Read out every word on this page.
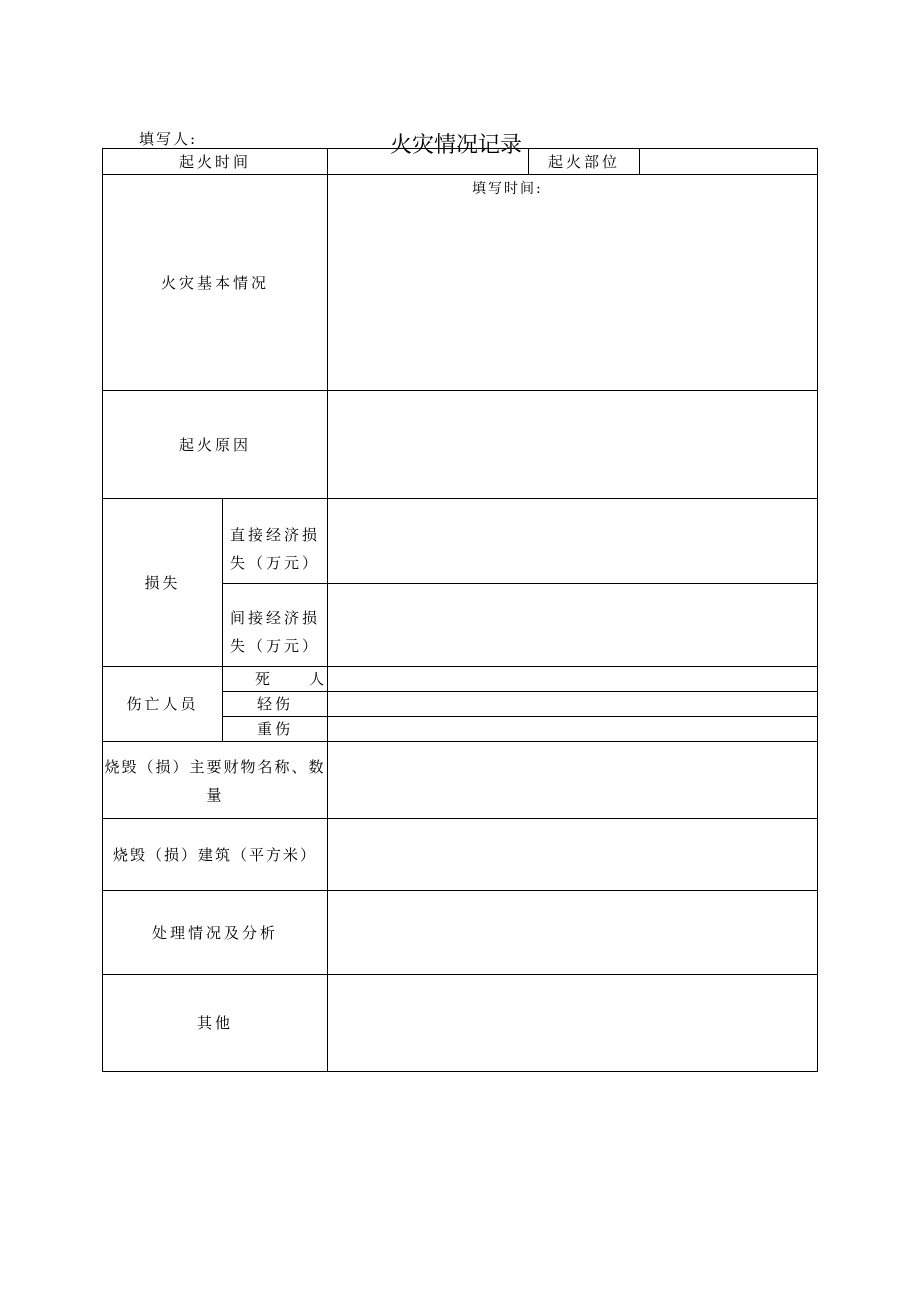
填写人:	火灾情况记录
起火时间	起火部位
填写时间:
火灾基本情况
起火原因
损失
直接经济损失（万元）
间接经济损失（万元）
伤亡人员
死　　人
轻伤
重伤
烧毁（损）主要财物名称、数量
烧毁（损）建筑（平方米）
处理情况及分析
其他
